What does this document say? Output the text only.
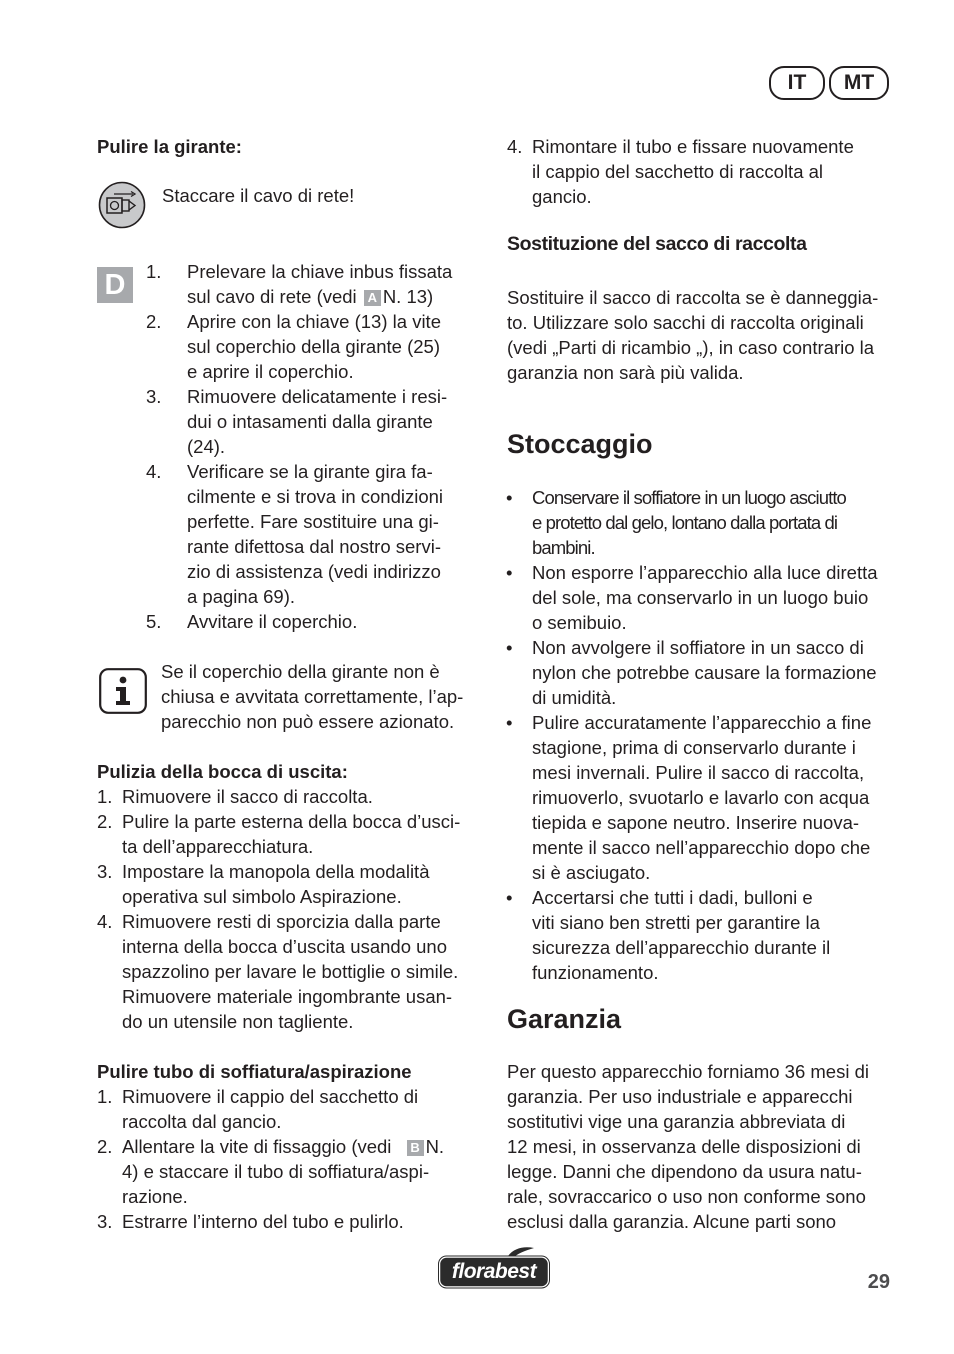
IT	MT
Pulire la girante:
Staccare il cavo di rete!
D	1. Prelevare la chiave inbus fissata
sul cavo di rete (vedi A N. 13)
2. Aprire con la chiave (13) la vite
sul coperchio della girante (25)
e aprire il coperchio.
3. Rimuovere delicatamente i resi-
dui o intasamenti dalla girante
(24).
4. Verificare se la girante gira fa-
cilmente e si trova in condizioni
perfette. Fare sostituire una gi-
rante difettosa dal nostro servi-
zio di assistenza (vedi indirizzo
a pagina 69).
5. Avvitare il coperchio.
Se il coperchio della girante non è
chiusa e avvitata correttamente, l’ap-
parecchio non può essere azionato.
Pulizia della bocca di uscita:
1. Rimuovere il sacco di raccolta.
2. Pulire la parte esterna della bocca d’usci-
ta dell’apparecchiatura.
3. Impostare la manopola della modalità
operativa sul simbolo Aspirazione.
4. Rimuovere resti di sporcizia dalla parte
interna della bocca d’uscita usando uno
spazzolino per lavare le bottiglie o simile.
Rimuovere materiale ingombrante usan-
do un utensile non tagliente.
Pulire tubo di soffiatura/aspirazione
1. Rimuovere il cappio del sacchetto di
raccolta dal gancio.
2. Allentare la vite di fissaggio (vedi B N.
4) e staccare il tubo di soffiatura/aspi-
razione.
3. Estrarre l’interno del tubo e pulirlo.
4. Rimontare il tubo e fissare nuovamente
il cappio del sacchetto di raccolta al
gancio.
Sostituzione del sacco di raccolta
Sostituire il sacco di raccolta se è danneggia-
to. Utilizzare solo sacchi di raccolta originali
(vedi „Parti di ricambio „), in caso contrario la
garanzia non sarà più valida.
Stoccaggio
• Conservare il soffiatore in un luogo asciutto
e protetto dal gelo, lontano dalla portata di
bambini.
• Non esporre l’apparecchio alla luce diretta
del sole, ma conservarlo in un luogo buio
o semibuio.
• Non avvolgere il soffiatore in un sacco di
nylon che potrebbe causare la formazione
di umidità.
• Pulire accuratamente l’apparecchio a fine
stagione, prima di conservarlo durante i
mesi invernali. Pulire il sacco di raccolta,
rimuoverlo, svuotarlo e lavarlo con acqua
tiepida e sapone neutro. Inserire nuova-
mente il sacco nell’apparecchio dopo che
si è asciugato.
• Accertarsi che tutti i dadi, bulloni e
viti siano ben stretti per garantire la
sicurezza dell’apparecchio durante il
funzionamento.
Garanzia
Per questo apparecchio forniamo 36 mesi di
garanzia. Per uso industriale e apparecchi
sostitutivi vige una garanzia abbreviata di
12 mesi, in osservanza delle disposizioni di
legge. Danni che dipendono da usura natu-
rale, sovraccarico o uso non conforme sono
esclusi dalla garanzia. Alcune parti sono
florabest	29
